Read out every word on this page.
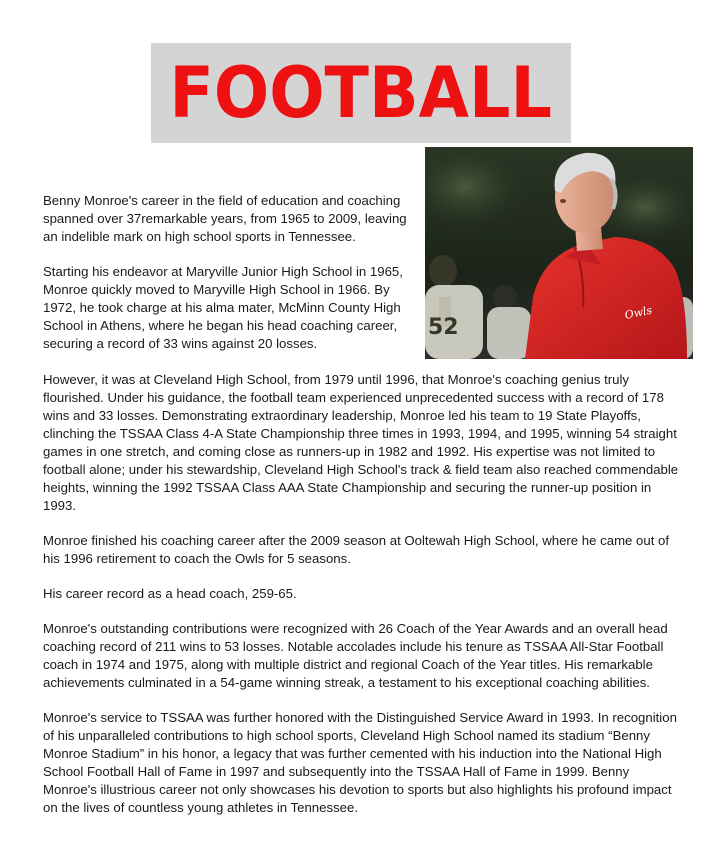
FOOTBALL
52
Owls

Benny Monroe's career in the field of education and coaching spanned over 37remarkable years, from 1965 to 2009, leaving an indelible mark on high school sports in Tennessee.

Starting his endeavor at Maryville Junior High School in 1965, Monroe quickly moved to Maryville High School in 1966. By 1972, he took charge at his alma mater, McMinn County High School in Athens, where he began his head coaching career, securing a record of 33 wins against 20 losses.

However, it was at Cleveland High School, from 1979 until 1996, that Monroe's coaching genius truly flourished. Under his guidance, the football team experienced unprecedented success with a record of 178 wins and 33 losses. Demonstrating extraordinary leadership, Monroe led his team to 19 State Playoffs, clinching the TSSAA Class 4-A State Championship three times in 1993, 1994, and 1995, winning 54 straight games in one stretch, and coming close as runners-up in 1982 and 1992. His expertise was not limited to football alone; under his stewardship, Cleveland High School's track & field team also reached commendable heights, winning the 1992 TSSAA Class AAA State Championship and securing the runner-up position in 1993.

Monroe finished his coaching career after the 2009 season at Ooltewah High School, where he came out of his 1996 retirement to coach the Owls for 5 seasons.

His career record as a head coach, 259-65.

Monroe's outstanding contributions were recognized with 26 Coach of the Year Awards and an overall head coaching record of 211 wins to 53 losses. Notable accolades include his tenure as TSSAA All-Star Football coach in 1974 and 1975, along with multiple district and regional Coach of the Year titles. His remarkable achievements culminated in a 54-game winning streak, a testament to his exceptional coaching abilities.

Monroe's service to TSSAA was further honored with the Distinguished Service Award in 1993. In recognition of his unparalleled contributions to high school sports, Cleveland High School named its stadium “Benny Monroe Stadium” in his honor, a legacy that was further cemented with his induction into the National High School Football Hall of Fame in 1997 and subsequently into the TSSAA Hall of Fame in 1999. Benny Monroe's illustrious career not only showcases his devotion to sports but also highlights his profound impact on the lives of countless young athletes in Tennessee.
